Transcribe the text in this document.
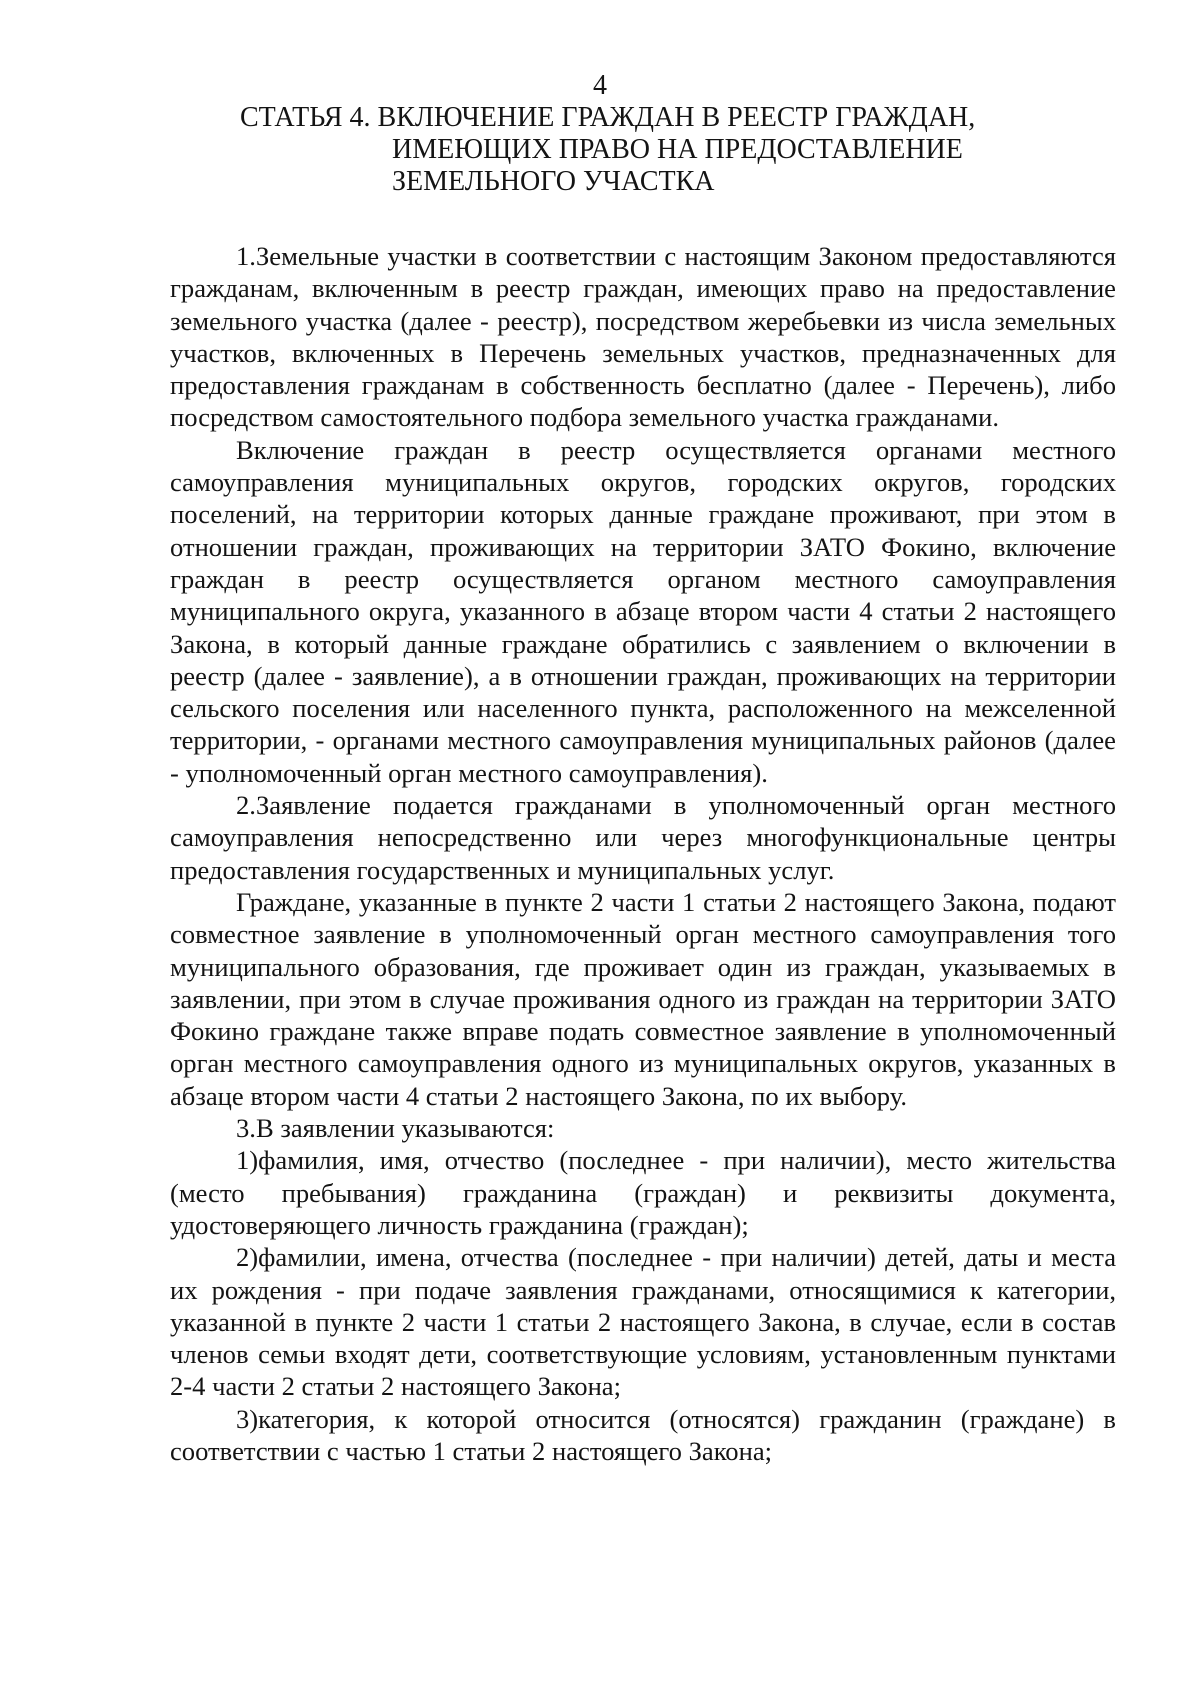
4
СТАТЬЯ 4. ВКЛЮЧЕНИЕ ГРАЖДАН В РЕЕСТР ГРАЖДАН,
ИМЕЮЩИХ ПРАВО НА ПРЕДОСТАВЛЕНИЕ
ЗЕМЕЛЬНОГО УЧАСТКА

1.Земельные участки в соответствии с настоящим Законом предоставляются гражданам, включенным в реестр граждан, имеющих право на предоставление земельного участка (далее - реестр), посредством жеребьевки из числа земельных участков, включенных в Перечень земельных участков, предназначенных для предоставления гражданам в собственность бесплатно (далее - Перечень), либо посредством самостоятельного подбора земельного участка гражданами.

Включение граждан в реестр осуществляется органами местного самоуправления муниципальных округов, городских округов, городских поселений, на территории которых данные граждане проживают, при этом в отношении граждан, проживающих на территории ЗАТО Фокино, включение граждан в реестр осуществляется органом местного самоуправления муниципального округа, указанного в абзаце втором части 4 статьи 2 настоящего Закона, в который данные граждане обратились с заявлением о включении в реестр (далее - заявление), а в отношении граждан, проживающих на территории сельского поселения или населенного пункта, расположенного на межселенной территории, - органами местного самоуправления муниципальных районов (далее - уполномоченный орган местного самоуправления).

2.Заявление подается гражданами в уполномоченный орган местного самоуправления непосредственно или через многофункциональные центры предоставления государственных и муниципальных услуг.

Граждане, указанные в пункте 2 части 1 статьи 2 настоящего Закона, подают совместное заявление в уполномоченный орган местного самоуправления того муниципального образования, где проживает один из граждан, указываемых в заявлении, при этом в случае проживания одного из граждан на территории ЗАТО Фокино граждане также вправе подать совместное заявление в уполномоченный орган местного самоуправления одного из муниципальных округов, указанных в абзаце втором части 4 статьи 2 настоящего Закона, по их выбору.

3.В заявлении указываются:

1)фамилия, имя, отчество (последнее - при наличии), место жительства (место пребывания) гражданина (граждан) и реквизиты документа, удостоверяющего личность гражданина (граждан);

2)фамилии, имена, отчества (последнее - при наличии) детей, даты и места их рождения - при подаче заявления гражданами, относящимися к категории, указанной в пункте 2 части 1 статьи 2 настоящего Закона, в случае, если в состав членов семьи входят дети, соответствующие условиям, установленным пунктами 2-4 части 2 статьи 2 настоящего Закона;

3)категория, к которой относится (относятся) гражданин (граждане) в соответствии с частью 1 статьи 2 настоящего Закона;
